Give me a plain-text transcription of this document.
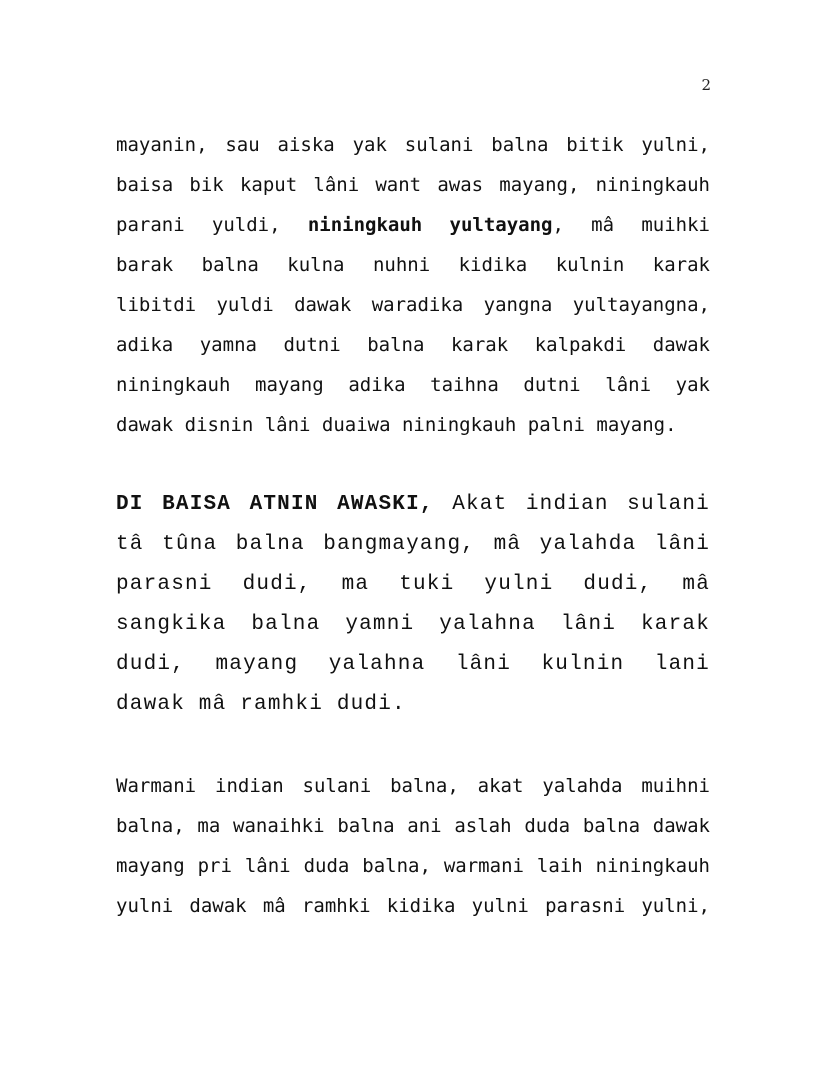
2
mayanin, sau aiska yak sulani balna bitik yulni,
baisa bik kaput lâni want awas mayang, niningkauh
parani yuldi, niningkauh yultayang, mâ muihki
barak balna kulna nuhni kidika kulnin karak
libitdi yuldi dawak waradika yangna yultayangna,
adika yamna dutni balna karak kalpakdi dawak
niningkauh mayang adika taihna dutni lâni yak
dawak disnin lâni duaiwa niningkauh palni mayang.
DI BAISA ATNIN AWASKI, Akat indian sulani
tâ tûna balna bangmayang, mâ yalahda lâni
parasni dudi, ma tuki yulni dudi, mâ
sangkika balna yamni yalahna lâni karak
dudi, mayang yalahna lâni kulnin lani
dawak mâ ramhki dudi.
Warmani indian sulani balna, akat yalahda muihni
balna, ma wanaihki balna ani aslah duda balna dawak
mayang pri lâni duda balna, warmani laih niningkauh
yulni dawak mâ ramhki kidika yulni parasni yulni,
